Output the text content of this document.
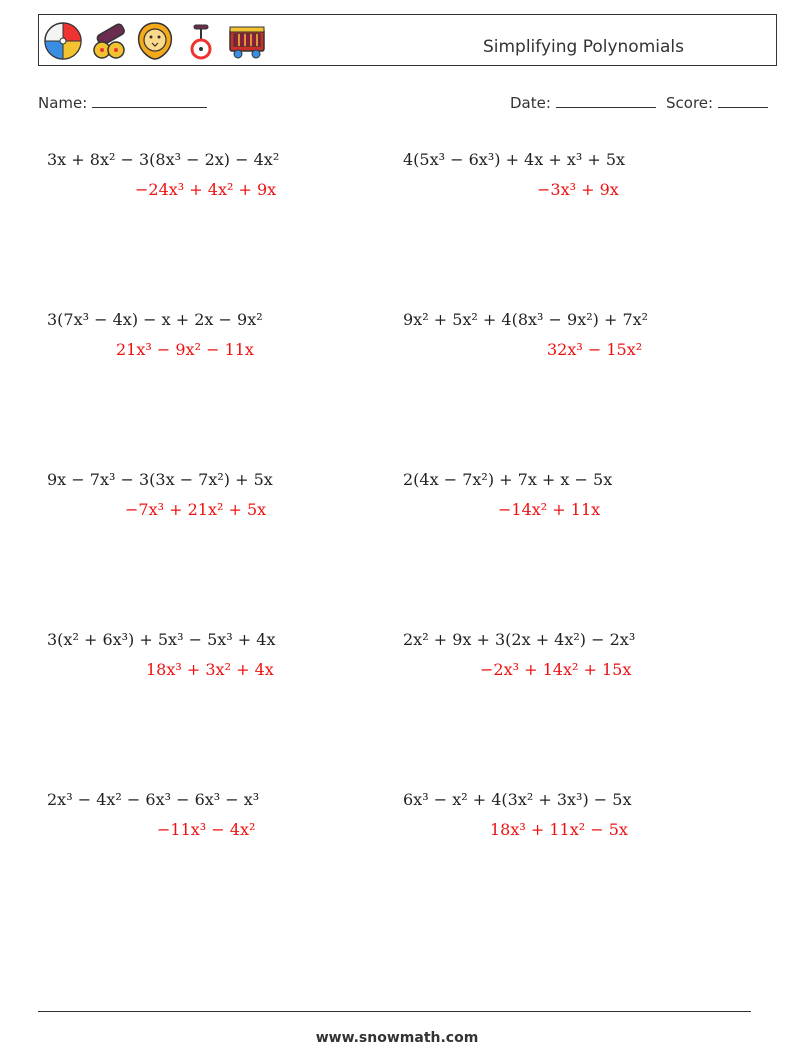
Simplifying Polynomials
Name:	Date:	Score:
3x + 8x² − 3(8x³ − 2x) − 4x²
−24x³ + 4x² + 9x
4(5x³ − 6x³) + 4x + x³ + 5x
−3x³ + 9x
3(7x³ − 4x) − x + 2x − 9x²
21x³ − 9x² − 11x
9x² + 5x² + 4(8x³ − 9x²) + 7x²
32x³ − 15x²
9x − 7x³ − 3(3x − 7x²) + 5x
−7x³ + 21x² + 5x
2(4x − 7x²) + 7x + x − 5x
−14x² + 11x
3(x² + 6x³) + 5x³ − 5x³ + 4x
18x³ + 3x² + 4x
2x² + 9x + 3(2x + 4x²) − 2x³
−2x³ + 14x² + 15x
2x³ − 4x² − 6x³ − 6x³ − x³
−11x³ − 4x²
6x³ − x² + 4(3x² + 3x³) − 5x
18x³ + 11x² − 5x
www.snowmath.com
